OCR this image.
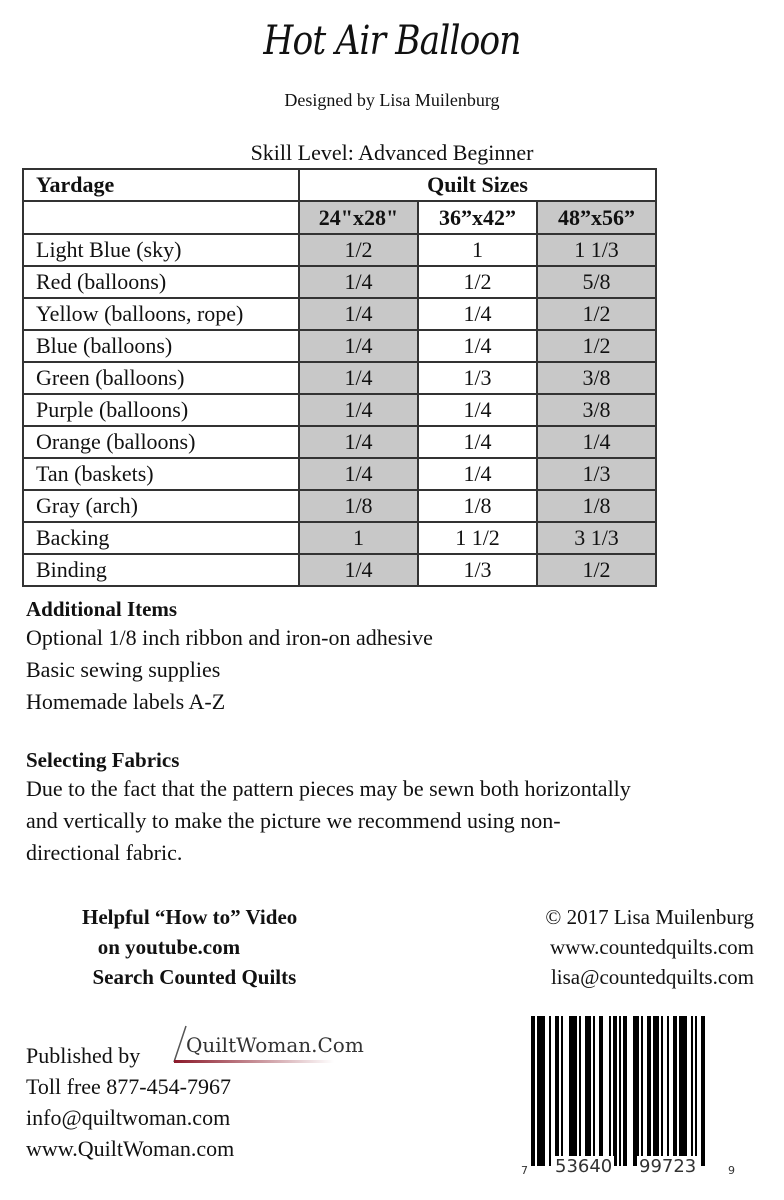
Hot Air Balloon
Designed by Lisa Muilenburg
Skill Level: Advanced Beginner
Yardage	Quilt Sizes		
	24"x28"	36”x42”	48”x56”
Light Blue (sky)	1/2	1	1 1/3
Red (balloons)	1/4	1/2	5/8
Yellow (balloons, rope)	1/4	1/4	1/2
Blue (balloons)	1/4	1/4	1/2
Green (balloons)	1/4	1/3	3/8
Purple (balloons)	1/4	1/4	3/8
Orange (balloons)	1/4	1/4	1/4
Tan (baskets)	1/4	1/4	1/3
Gray (arch)	1/8	1/8	1/8
Backing	1	1 1/2	3 1/3
Binding	1/4	1/3	1/2
Additional Items
Optional 1/8 inch ribbon and iron-on adhesive
Basic sewing supplies
Homemade labels A-Z
Selecting Fabrics
Due to the fact that the pattern pieces may be sewn both horizontally
and vertically to make the picture we recommend using non-
directional fabric.
Helpful “How to” Video
on youtube.com
Search Counted Quilts
© 2017 Lisa Muilenburg
www.countedquilts.com
lisa@countedquilts.com
Published by
Toll free 877-454-7967
info@quiltwoman.com
www.QuiltWoman.com
QuiltWoman.Com
7 53640 99723	9
